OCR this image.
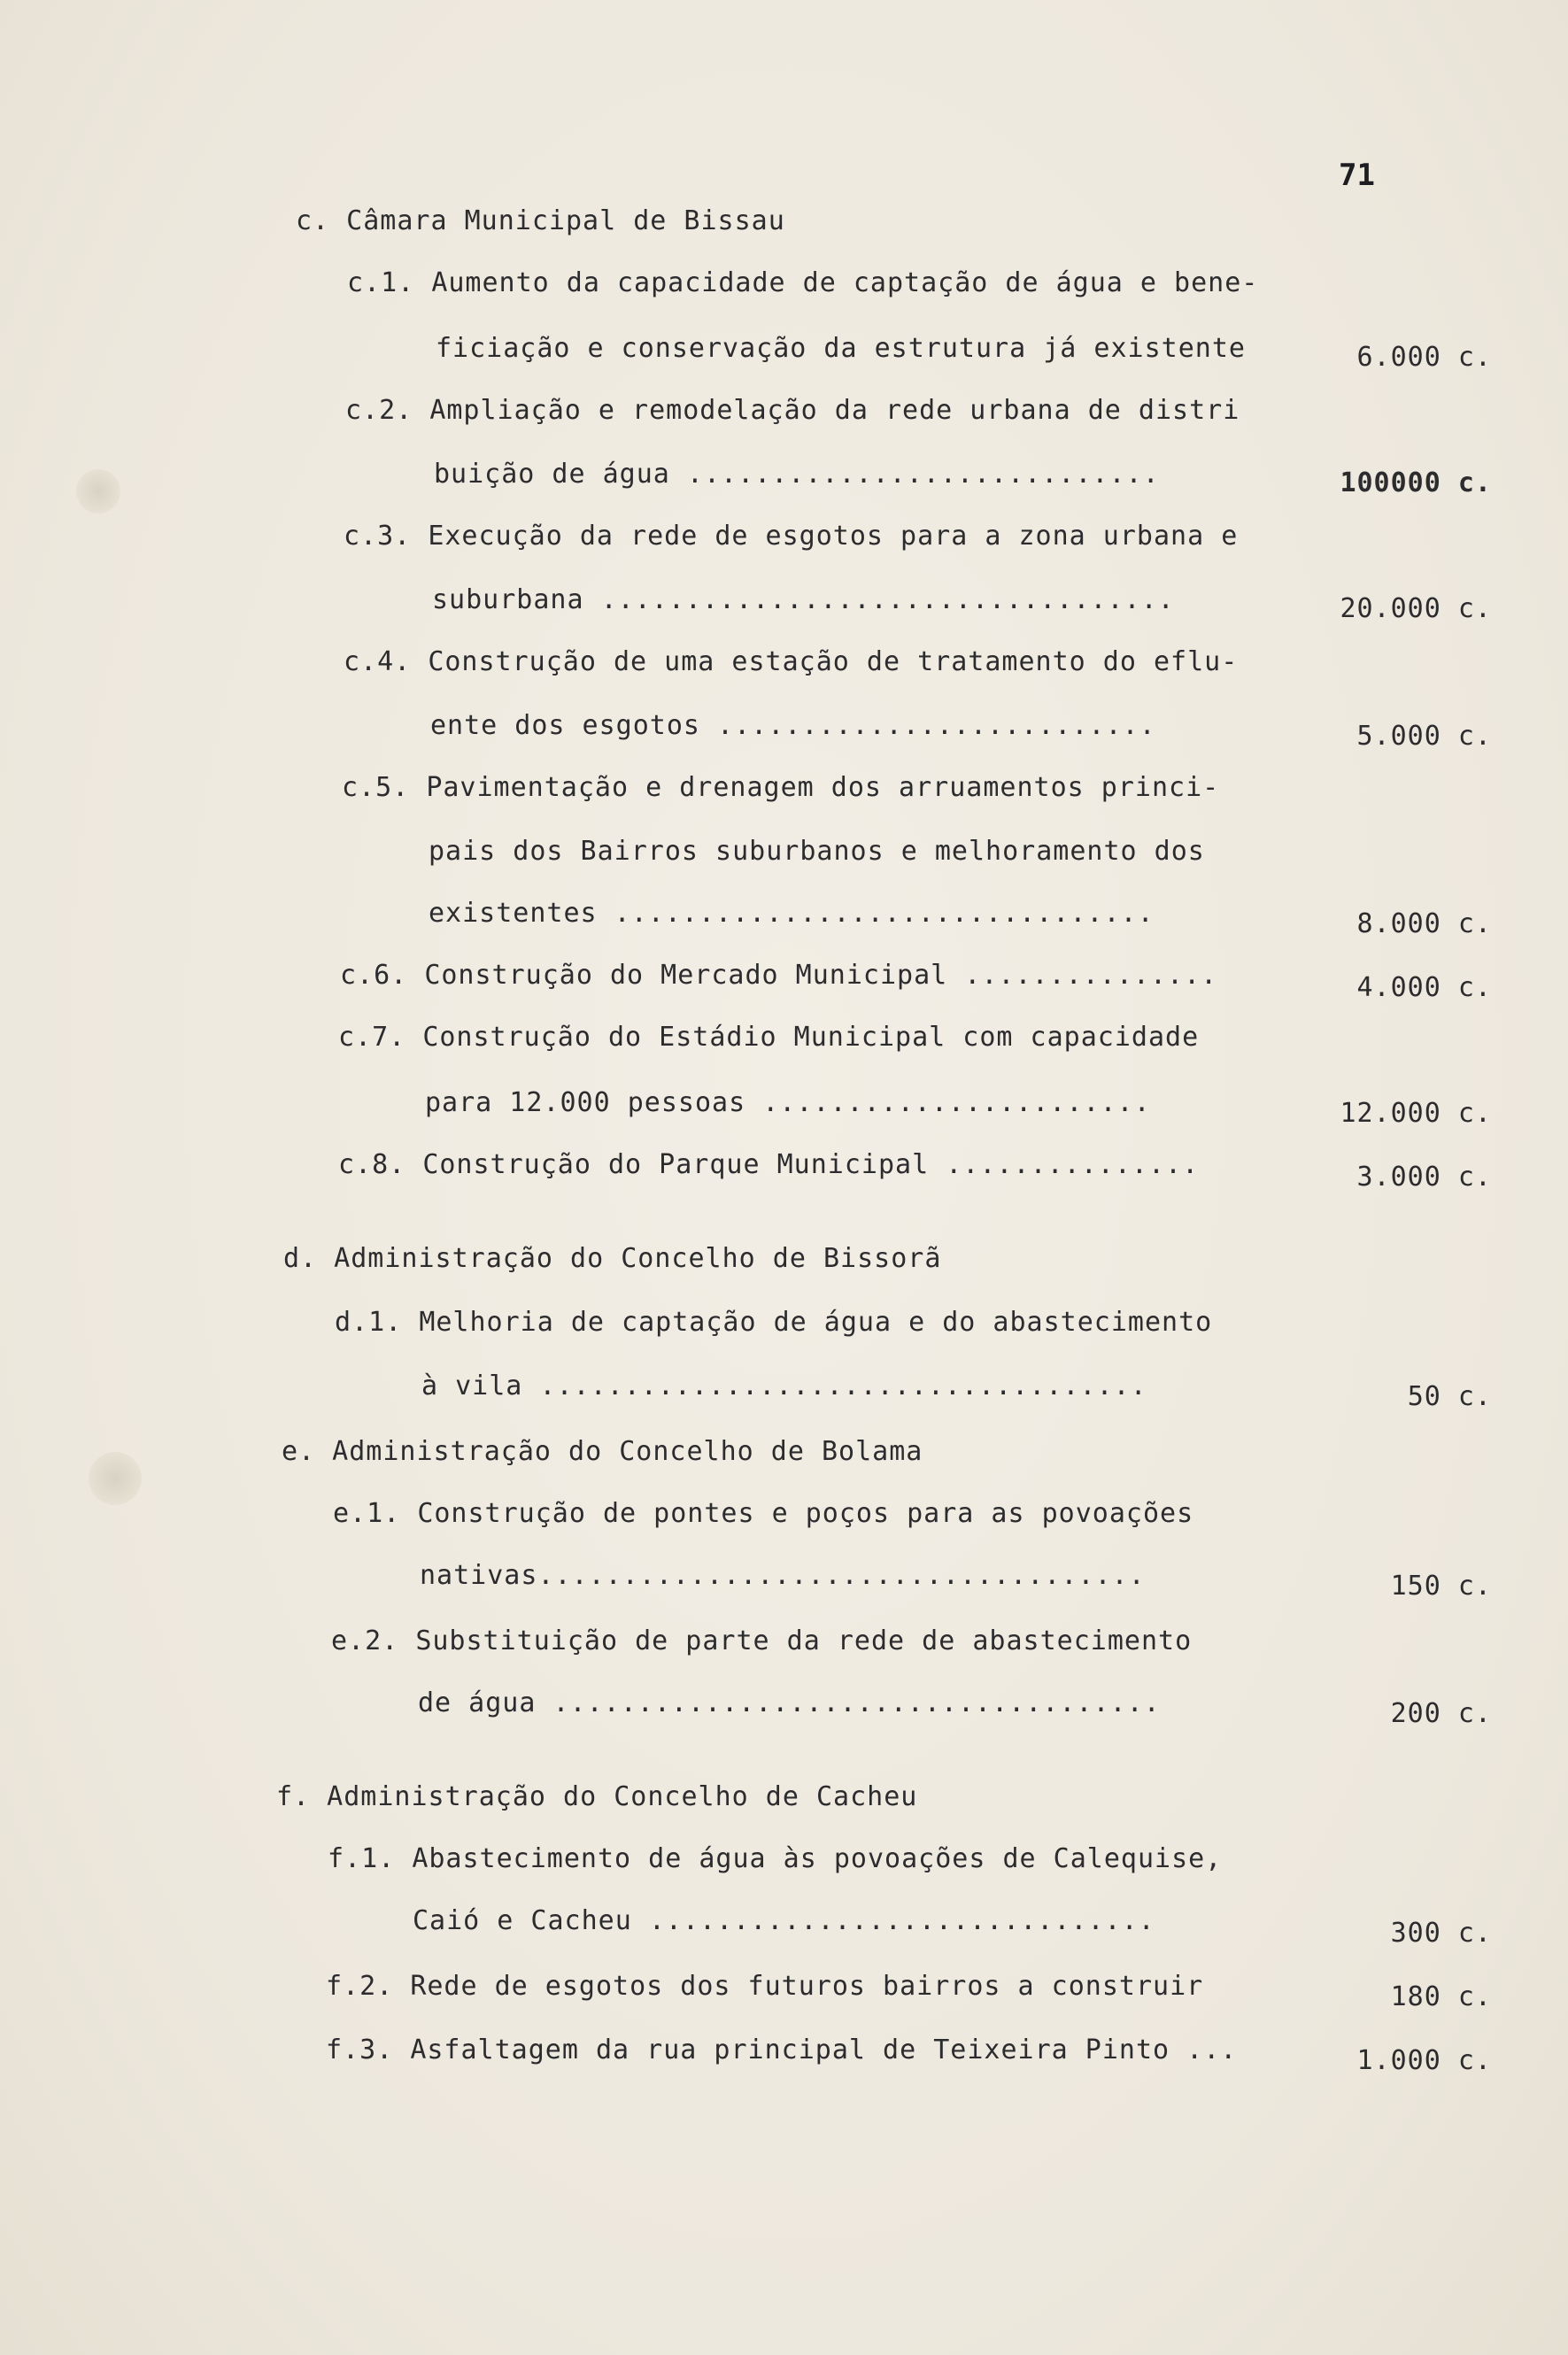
71
c. Câmara Municipal de Bissau
c.1. Aumento da capacidade de captação de água e bene-
ficiação e conservação da estrutura já existente	6.000 c.
c.2. Ampliação e remodelação da rede urbana de distri
buição de água ............................	100000 c.
c.3. Execução da rede de esgotos para a zona urbana e
suburbana ..................................	20.000 c.
c.4. Construção de uma estação de tratamento do eflu-
ente dos esgotos ..........................	5.000 c.
c.5. Pavimentação e drenagem dos arruamentos princi-
pais dos Bairros suburbanos e melhoramento dos
existentes ................................	8.000 c.
c.6. Construção do Mercado Municipal ...............	4.000 c.
c.7. Construção do Estádio Municipal com capacidade
para 12.000 pessoas .......................	12.000 c.
c.8. Construção do Parque Municipal ...............	3.000 c.
d. Administração do Concelho de Bissorã
d.1. Melhoria de captação de água e do abastecimento
à vila ....................................	50 c.
e. Administração do Concelho de Bolama
e.1. Construção de pontes e poços para as povoações
nativas....................................	150 c.
e.2. Substituição de parte da rede de abastecimento
de água ....................................	200 c.
f. Administração do Concelho de Cacheu
f.1. Abastecimento de água às povoações de Calequise,
Caió e Cacheu ..............................	300 c.
f.2. Rede de esgotos dos futuros bairros a construir	180 c.
f.3. Asfaltagem da rua principal de Teixeira Pinto ...	1.000 c.
